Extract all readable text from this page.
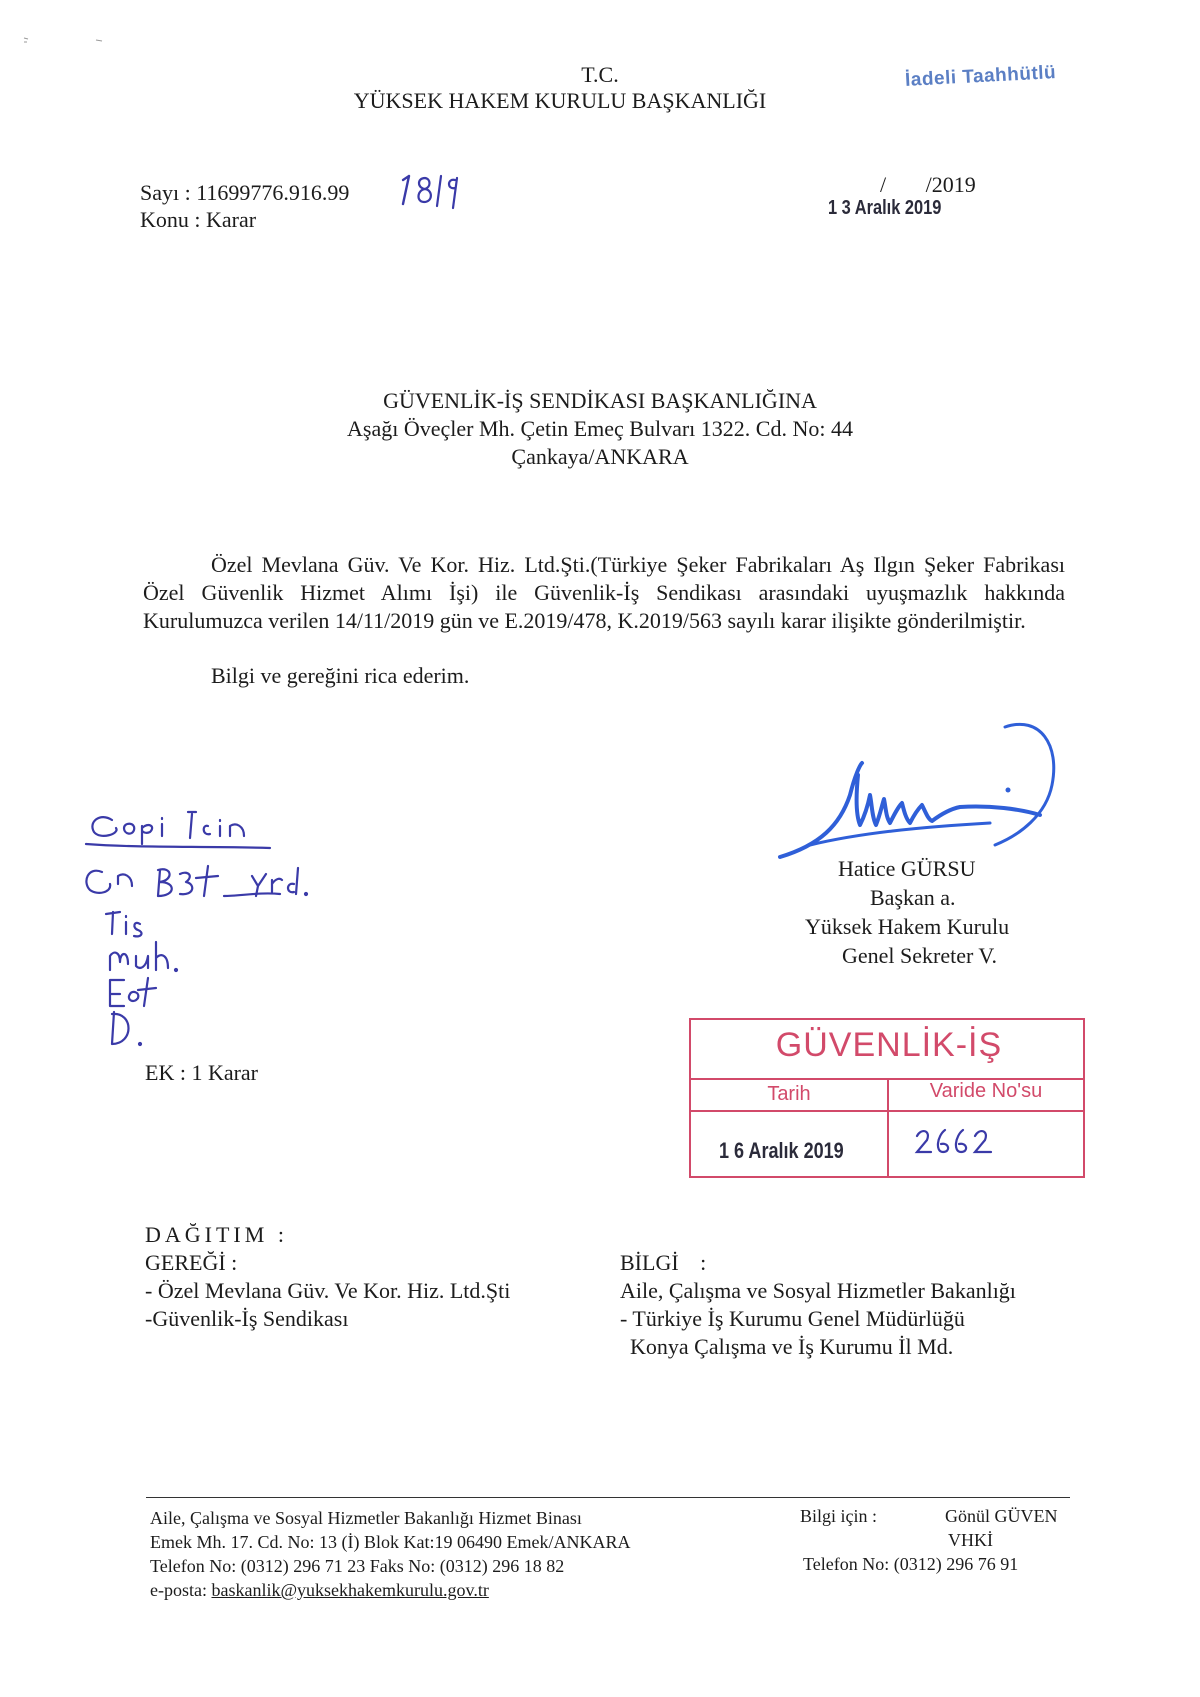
T.C.
YÜKSEK HAKEM KURULU BAŞKANLIĞI
İadeli Taahhütlü
Sayı : 11699776.916.99
Konu : Karar
/ /2019
1 3 Aralık 2019
GÜVENLİK-İŞ SENDİKASI BAŞKANLIĞINA
Aşağı Öveçler Mh. Çetin Emeç Bulvarı 1322. Cd. No: 44
Çankaya/ANKARA

Özel Mevlana Güv. Ve Kor. Hiz. Ltd.Şti.(Türkiye Şeker Fabrikaları Aş Ilgın Şeker Fabrikası Özel Güvenlik Hizmet Alımı İşi) ile Güvenlik-İş Sendikası arasındaki uyuşmazlık hakkında Kurulumuzca verilen 14/11/2019 gün ve E.2019/478, K.2019/563 sayılı karar ilişikte gönderilmiştir.

Bilgi ve gereğini rica ederim.
Hatice GÜRSU
Başkan a.
Yüksek Hakem Kurulu
Genel Sekreter V.
EK : 1 Karar
GÜVENLİK-İŞ
Tarih	Varide No'su
1 6 Aralık 2019
DAĞITIM :
GEREĞİ :
- Özel Mevlana Güv. Ve Kor. Hiz. Ltd.Şti
-Güvenlik-İş Sendikası
BİLGİ :
Aile, Çalışma ve Sosyal Hizmetler Bakanlığı
- Türkiye İş Kurumu Genel Müdürlüğü
Konya Çalışma ve İş Kurumu İl Md.
Aile, Çalışma ve Sosyal Hizmetler Bakanlığı Hizmet Binası
Emek Mh. 17. Cd. No: 13 (İ) Blok Kat:19 06490 Emek/ANKARA
Telefon No: (0312) 296 71 23 Faks No: (0312) 296 18 82
e-posta: baskanlik@yuksekhakemkurulu.gov.tr
Bilgi için :	Gönül GÜVEN
VHKİ
Telefon No: (0312) 296 76 91
